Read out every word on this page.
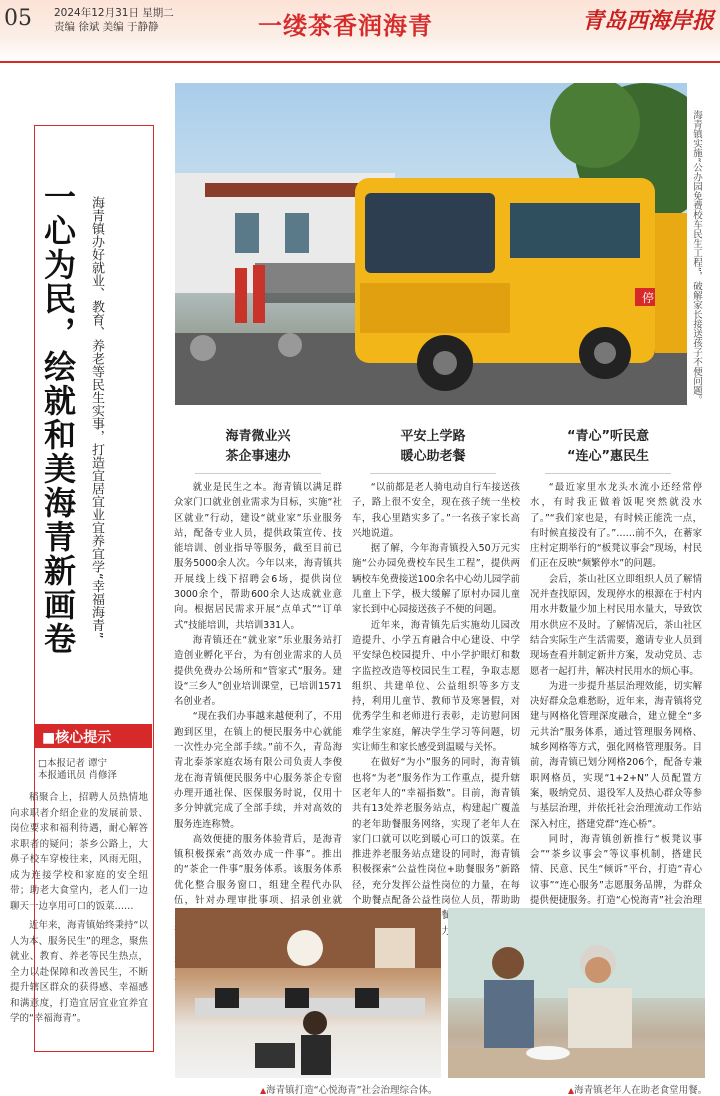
05 2024年12月31日 星期二
责编 徐斌 美编 于静静	一缕茶香润海青	青岛西海岸报
停	海青镇实施“公办园免费校车民生工程”，破解家长接送孩子不便问题。
一心为民，绘就和美海青新画卷 海青镇办好就业、教育、养老等民生实事，打造宜居宜业宜养宜学“幸福海青”
■核心提示
□本报记者 谭宁
本报通讯员 肖修泽
稻聚合上，招聘人员热情地向求职者介绍企业的发展前景、岗位要求和福利待遇，耐心解答求职者的疑问；茶乡公路上，大鼻子校车穿梭往来，风雨无阻，成为连接学校和家庭的安全纽带；助老大食堂内，老人们一边聊天一边享用可口的饭菜……
近年来，海青镇始终秉持“以人为本、服务民生”的理念，聚焦就业、教育、养老等民生热点，全力以赴保障和改善民生，不断提升辖区群众的获得感、幸福感和满意度，打造宜居宜业宜养宜学的“幸福海青”。
海青微业兴
茶企事速办
平安上学路
暖心助老餐
“青心”听民意
“连心”惠民生

就业是民生之本。海青镇以满足群众家门口就业创业需求为目标，实施“社区就业”行动，建设“就业家”乐业服务站，配备专业人员，提供政策宣传、技能培训、创业指导等服务，截至目前已服务5000余人次。今年以来，海青镇共开展线上线下招聘会6场，提供岗位3000余个，帮助600余人达成就业意向。根据居民需求开展“点单式”“订单式”技能培训，共培训331人。

海青镇还在“就业家”乐业服务站打造创业孵化平台，为有创业需求的人员提供免费办公场所和“管家式”服务。建设“三乡人”创业培训课堂，已培训1571名创业者。

“现在我们办事越来越便利了，不用跑到区里，在镇上的便民服务中心就能一次性办完全部手续。”前不久，青岛海青北泰茶家庭农场有限公司负责人李俊龙在海青镇便民服务中心服务茶企专窗办理开通社保、医保服务时说，仅用十多分钟就完成了全部手续，并对高效的服务连连称赞。

高效便捷的服务体验背后，是海青镇积极探索“高效办成一件事”。推出的“茶企一件事”服务体系。该服务体系优化整合服务窗口，组建全程代办队伍，针对办理审批事项、招录创业就

“以前都是老人骑电动自行车接送孩子，路上很不安全，现在孩子统一坐校车，我心里踏实多了。”一名孩子家长高兴地说道。

据了解，今年海青镇投入50万元实施“公办园免费校车民生工程”，提供两辆校车免费接送100余名中心幼儿园学前儿童上下学，极大缓解了原村办园儿童家长到中心园接送孩子不便的问题。

近年来，海青镇先后实施幼儿园改造提升、小学五育融合中心建设、中学平安绿色校园提升、中小学护眼灯和数字监控改造等校园民生工程，争取志愿组织、共建单位、公益组织等多方支持，利用儿童节、教师节及寒暑假，对优秀学生和老师进行表彰，走访慰问困难学生家庭，解决学生学习等问题，切实让师生和家长感受到温暖与关怀。

在做好“为小”服务的同时，海青镇也将“为老”服务作为工作重点，提升辖区老年人的“幸福指数”。目前，海青镇共有13处养老服务站点，构建起广覆盖的老年助餐服务网络，实现了老年人在家门口就可以吃到暖心可口的饭菜。在推进养老服务站点建设的同时，海青镇积极探索“公益性岗位+助餐服务”新路径，充分发挥公益性岗位的力量，在每个助餐点配备公益性岗位人员，帮助助 配餐 压力，

“最近家里水龙头水流小还经常停水，有时我正做着饭呢突然就没水了。”“我们家也是，有时候正能洗一点，有时候直接没有了。”……前不久，在蓄家庄村定期举行的“板凳议事会”现场，村民们正在反映“频繁停水”的问题。

会后，茶山社区立即组织人员了解情况并查找原因，发现停水的根源在于村内用水井数量少加上村民用水量大，导致饮用水供应不及时。了解情况后，茶山社区结合实际生产生活需要，邀请专业人员到现场查看并制定新井方案，发动党员、志愿者一起打井，解决村民用水的烦心事。

为进一步提升基层治理效能，切实解决好群众急难愁盼，近年来，海青镇将党建与网格化管理深度融合，建立健全“多元共治”服务体系，通过管理服务网格、城乡网格等方式，强化网格管理服务。目前，海青镇已划分网格206个，配备专兼职网格员，实现“1+2+N”人员配置方案，吸纳党员、退役军人及热心群众等参与基层治理，并依托社会治理流动工作站深入村庄，搭建党群“连心桥”。

同时，海青镇创新推行“板凳议事会”“茶乡议事会”等议事机制，搭建民情、民意、民生“倾诉”平台，打造“青心议事”“连心服务”志愿服务品牌，为群众提供便捷服务。打造“心悦海青”社会治理

▲海青镇打造“心悦海青”社会治理综合体。	▲海青镇老年人在助老食堂用餐。
